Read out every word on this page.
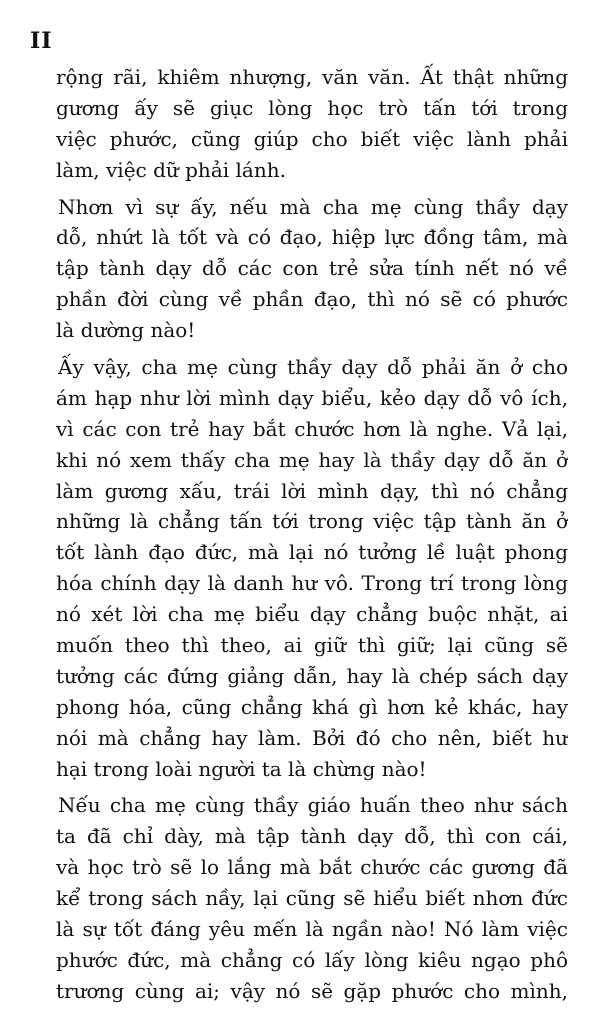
II
rộng rãi, khiêm nhượng, văn văn. Ất thật những
gương ấy sẽ giục lòng học trò tấn tới trong
việc phước, cũng giúp cho biết việc lành phải
làm, việc dữ phải lánh.
Nhơn vì sự ấy, nếu mà cha mẹ cùng thầy dạy
dỗ, nhứt là tốt và có đạo, hiệp lực đồng tâm, mà
tập tành dạy dỗ các con trẻ sửa tính nết nó về
phần đời cùng về phần đạo, thì nó sẽ có phước
là dường nào!
Ấy vậy, cha mẹ cùng thầy dạy dỗ phải ăn ở cho
ám hạp như lời mình dạy biểu, kẻo dạy dỗ vô ích,
vì các con trẻ hay bắt chước hơn là nghe. Vả lại,
khi nó xem thấy cha mẹ hay là thầy dạy dỗ ăn ở
làm gương xấu, trái lời mình dạy, thì nó chẳng
những là chẳng tấn tới trong việc tập tành ăn ở
tốt lành đạo đức, mà lại nó tưởng lề luật phong
hóa chính dạy là danh hư vô. Trong trí trong lòng
nó xét lời cha mẹ biểu dạy chẳng buộc nhặt, ai
muốn theo thì theo, ai giữ thì giữ; lại cũng sẽ
tưởng các đứng giảng dẫn, hay là chép sách dạy
phong hóa, cũng chẳng khá gì hơn kẻ khác, hay
nói mà chẳng hay làm. Bởi đó cho nên, biết hư
hại trong loài người ta là chừng nào!
Nếu cha mẹ cùng thầy giáo huấn theo như sách
ta đã chỉ dày, mà tập tành dạy dỗ, thì con cái,
và học trò sẽ lo lắng mà bắt chước các gương đã
kể trong sách nầy, lại cũng sẽ hiểu biết nhơn đức
là sự tốt đáng yêu mến là ngần nào! Nó làm việc
phước đức, mà chẳng có lấy lòng kiêu ngạo phô
trương cùng ai; vậy nó sẽ gặp phước cho mình,
